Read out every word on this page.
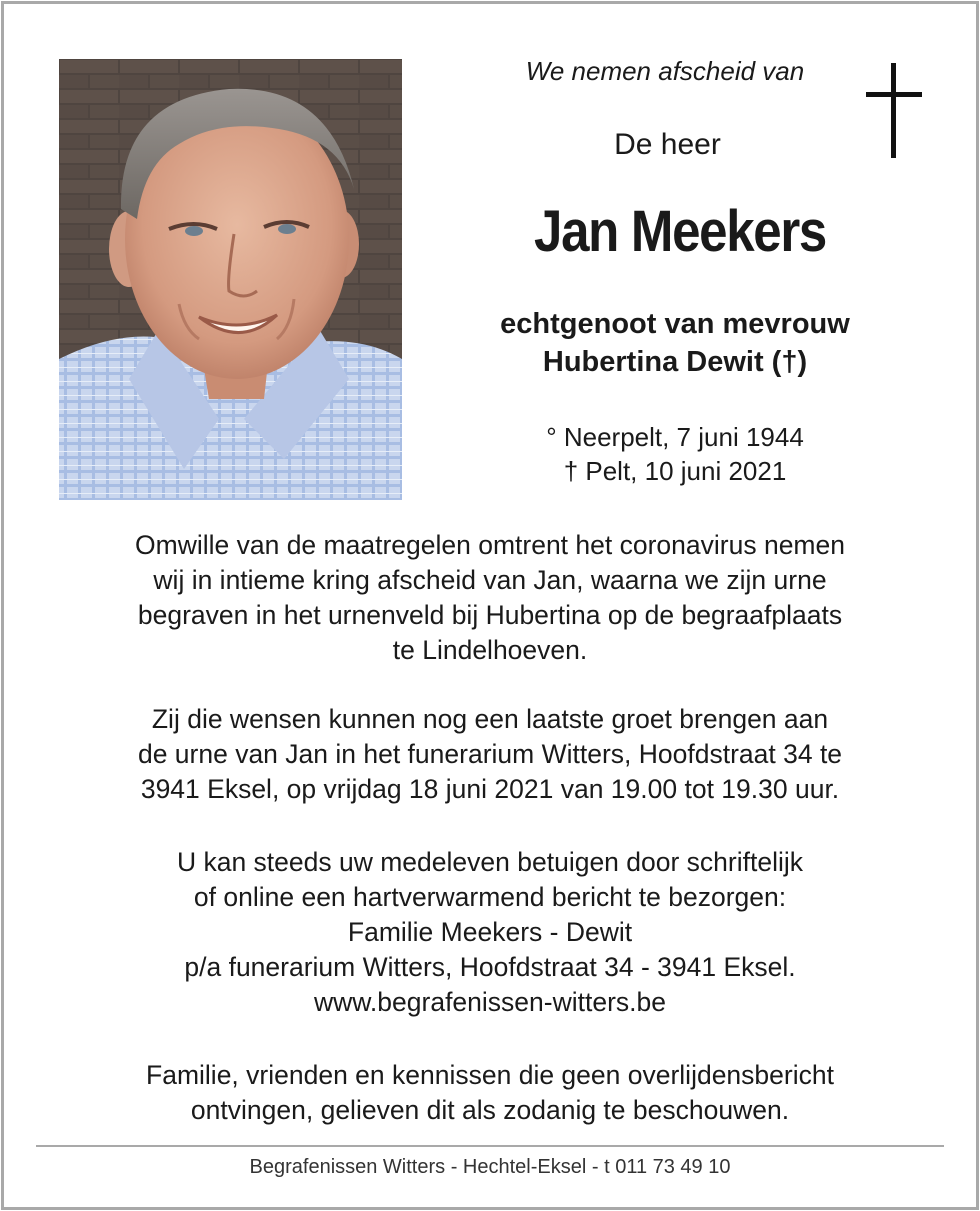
We nemen afscheid van
De heer
Jan Meekers
echtgenoot van mevrouw
Hubertina Dewit (†)
° Neerpelt, 7 juni 1944
† Pelt, 10 juni 2021
Omwille van de maatregelen omtrent het coronavirus nemen
wij in intieme kring afscheid van Jan, waarna we zijn urne
begraven in het urnenveld bij Hubertina op de begraafplaats
te Lindelhoeven.
Zij die wensen kunnen nog een laatste groet brengen aan
de urne van Jan in het funerarium Witters, Hoofdstraat 34 te
3941 Eksel, op vrijdag 18 juni 2021 van 19.00 tot 19.30 uur.
U kan steeds uw medeleven betuigen door schriftelijk
of online een hartverwarmend bericht te bezorgen:
Familie Meekers - Dewit
p/a funerarium Witters, Hoofdstraat 34 - 3941 Eksel.
www.begrafenissen-witters.be
Familie, vrienden en kennissen die geen overlijdensbericht
ontvingen, gelieven dit als zodanig te beschouwen.
Begrafenissen Witters - Hechtel-Eksel - t 011 73 49 10
